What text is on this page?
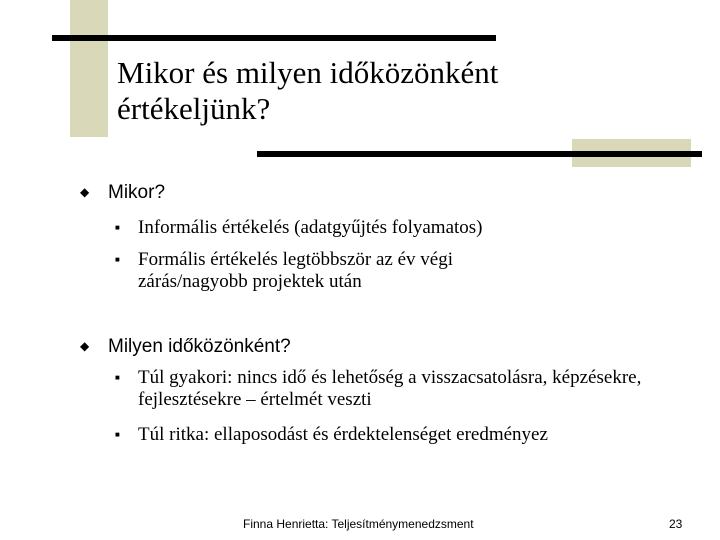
Mikor és milyen időközönként értékeljünk?
◆ Mikor?
■ Informális értékelés (adatgyűjtés folyamatos)
■ Formális értékelés legtöbbször az év végi zárás/nagyobb projektek után
◆ Milyen időközönként?
■ Túl gyakori: nincs idő és lehetőség a visszacsatolásra, képzésekre, fejlesztésekre – értelmét veszti
■ Túl ritka: ellaposodást és érdektelenséget eredményez
Finna Henrietta: Teljesítménymenedzsment	23
